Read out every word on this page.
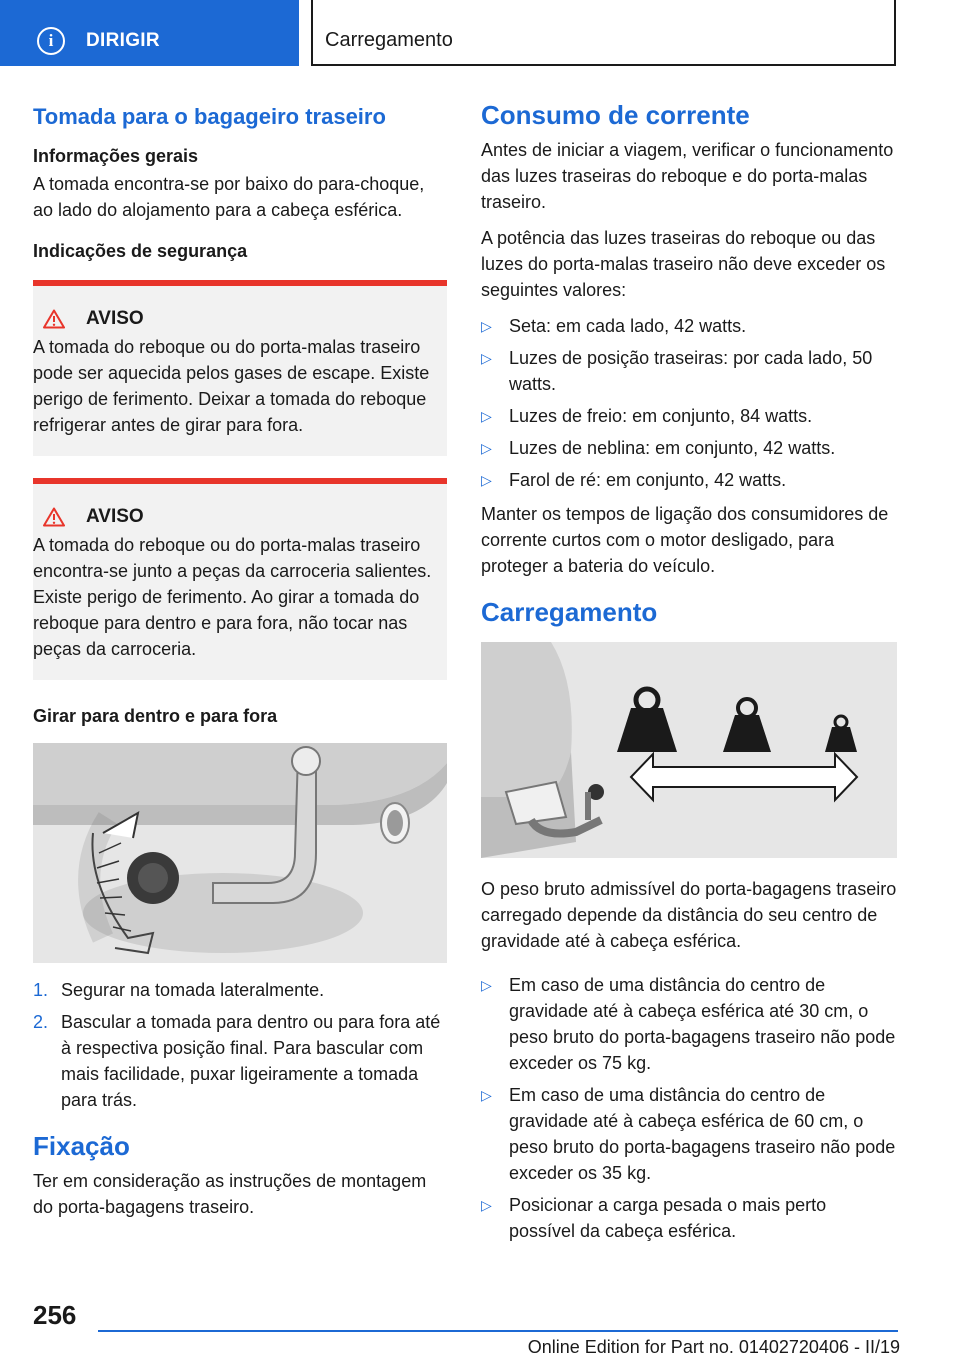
i	DIRIGIR	Carregamento
Tomada para o bagageiro traseiro
Informações gerais
A tomada encontra-se por baixo do para-choque, ao lado do alojamento para a cabeça esférica.
Indicações de segurança
AVISO
A tomada do reboque ou do porta-malas traseiro pode ser aquecida pelos gases de escape. Existe perigo de ferimento. Deixar a tomada do reboque refrigerar antes de girar para fora.
AVISO
A tomada do reboque ou do porta-malas traseiro encontra-se junto a peças da carroceria salientes. Existe perigo de ferimento. Ao girar a tomada do reboque para dentro e para fora, não tocar nas peças da carroceria.
Girar para dentro e para fora
1. Segurar na tomada lateralmente.
2. Bascular a tomada para dentro ou para fora até à respectiva posição final. Para bascular com mais facilidade, puxar ligeiramente a tomada para trás.
Fixação
Ter em consideração as instruções de montagem do porta-bagagens traseiro.
Consumo de corrente
Antes de iniciar a viagem, verificar o funcionamento das luzes traseiras do reboque e do porta-malas traseiro.
A potência das luzes traseiras do reboque ou das luzes do porta-malas traseiro não deve exceder os seguintes valores:
▷ Seta: em cada lado, 42 watts.
▷ Luzes de posição traseiras: por cada lado, 50 watts.
▷ Luzes de freio: em conjunto, 84 watts.
▷ Luzes de neblina: em conjunto, 42 watts.
▷ Farol de ré: em conjunto, 42 watts.
Manter os tempos de ligação dos consumidores de corrente curtos com o motor desligado, para proteger a bateria do veículo.
Carregamento
O peso bruto admissível do porta-bagagens traseiro carregado depende da distância do seu centro de gravidade até à cabeça esférica.
▷ Em caso de uma distância do centro de gravidade até à cabeça esférica até 30 cm, o peso bruto do porta-bagagens traseiro não pode exceder os 75 kg.
▷ Em caso de uma distância do centro de gravidade até à cabeça esférica de 60 cm, o peso bruto do porta-bagagens traseiro não pode exceder os 35 kg.
▷ Posicionar a carga pesada o mais perto possível da cabeça esférica.
256
Online Edition for Part no. 01402720406 - II/19
